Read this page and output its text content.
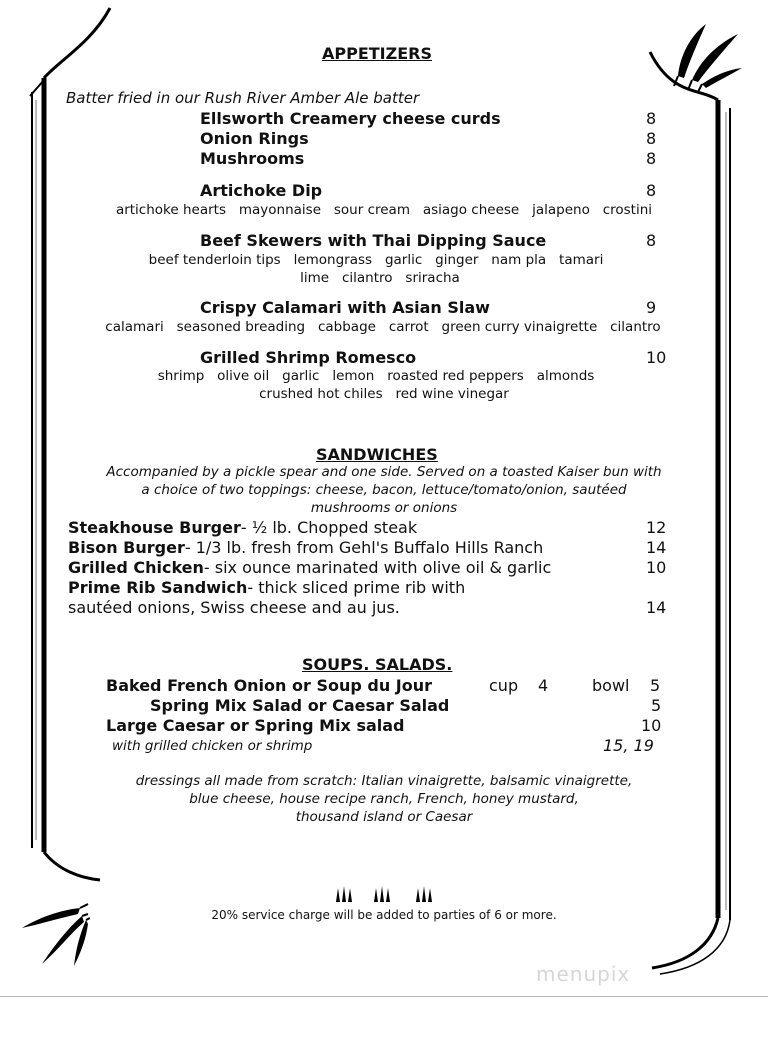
APPETIZERS
Batter fried in our Rush River Amber Ale batter
Ellsworth Creamery cheese curds	8
Onion Rings	8
Mushrooms	8
Artichoke Dip	8
artichoke hearts   mayonnaise   sour cream   asiago cheese   jalapeno   crostini
Beef Skewers with Thai Dipping Sauce	8
beef tenderloin tips   lemongrass   garlic   ginger   nam pla   tamari
lime   cilantro   sriracha
Crispy Calamari with Asian Slaw	9
calamari   seasoned breading   cabbage   carrot   green curry vinaigrette   cilantro
Grilled Shrimp Romesco	10
shrimp   olive oil   garlic   lemon   roasted red peppers   almonds
crushed hot chiles   red wine vinegar
SANDWICHES
Accompanied by a pickle spear and one side. Served on a toasted Kaiser bun with
a choice of two toppings: cheese, bacon, lettuce/tomato/onion, sautéed
mushrooms or onions
Steakhouse Burger- ½ lb. Chopped steak	12
Bison Burger- 1/3 lb. fresh from Gehl's Buffalo Hills Ranch	14
Grilled Chicken- six ounce marinated with olive oil & garlic	10
Prime Rib Sandwich- thick sliced prime rib with
sautéed onions, Swiss cheese and au jus.	14
SOUPS. SALADS.
Baked French Onion or Soup du Jour	cup 4	bowl 5
Spring Mix Salad or Caesar Salad	5
Large Caesar or Spring Mix salad	10
with grilled chicken or shrimp	15, 19
dressings all made from scratch: Italian vinaigrette, balsamic vinaigrette,
blue cheese, house recipe ranch, French, honey mustard,
thousand island or Caesar
20% service charge will be added to parties of 6 or more.
menupix
